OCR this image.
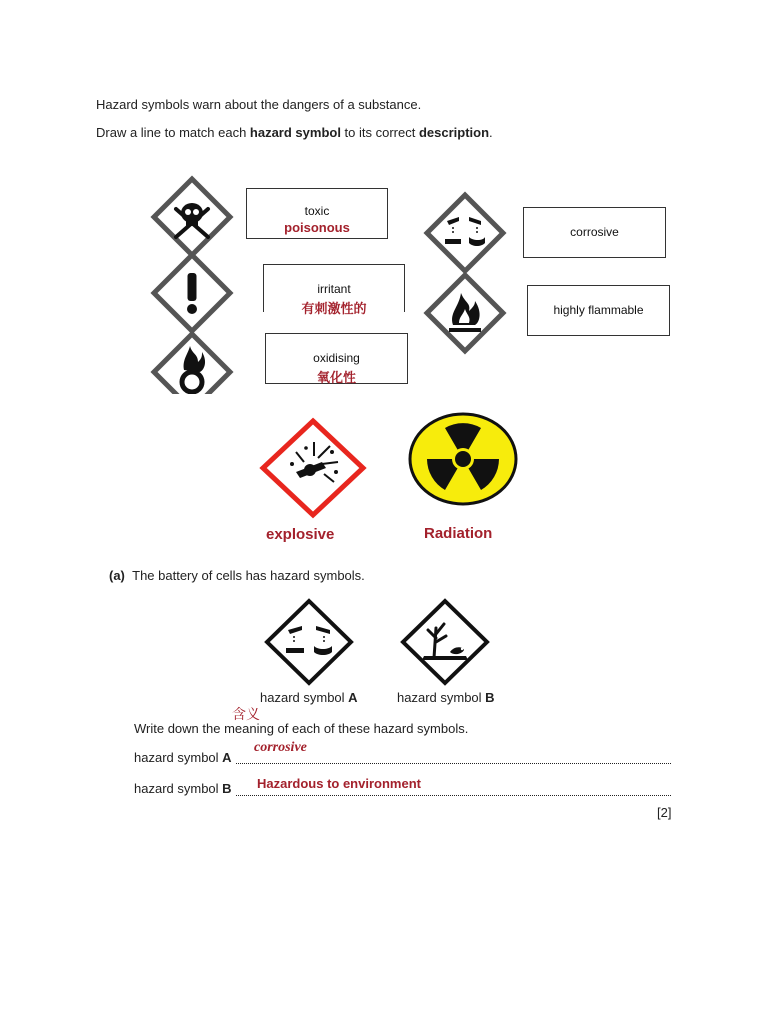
Hazard symbols warn about the dangers of a substance.
Draw a line to match each hazard symbol to its correct description.
toxic
poisonous
irritant
有刺激性的
oxidising
氧化性
corrosive
highly flammable
explosive	Radiation
(a) The battery of cells has hazard symbols.
hazard symbol A	hazard symbol B
含义
Write down the meaning of each of these hazard symbols.
hazard symbol A
corrosive
hazard symbol B Hazardous to environment
[2]
